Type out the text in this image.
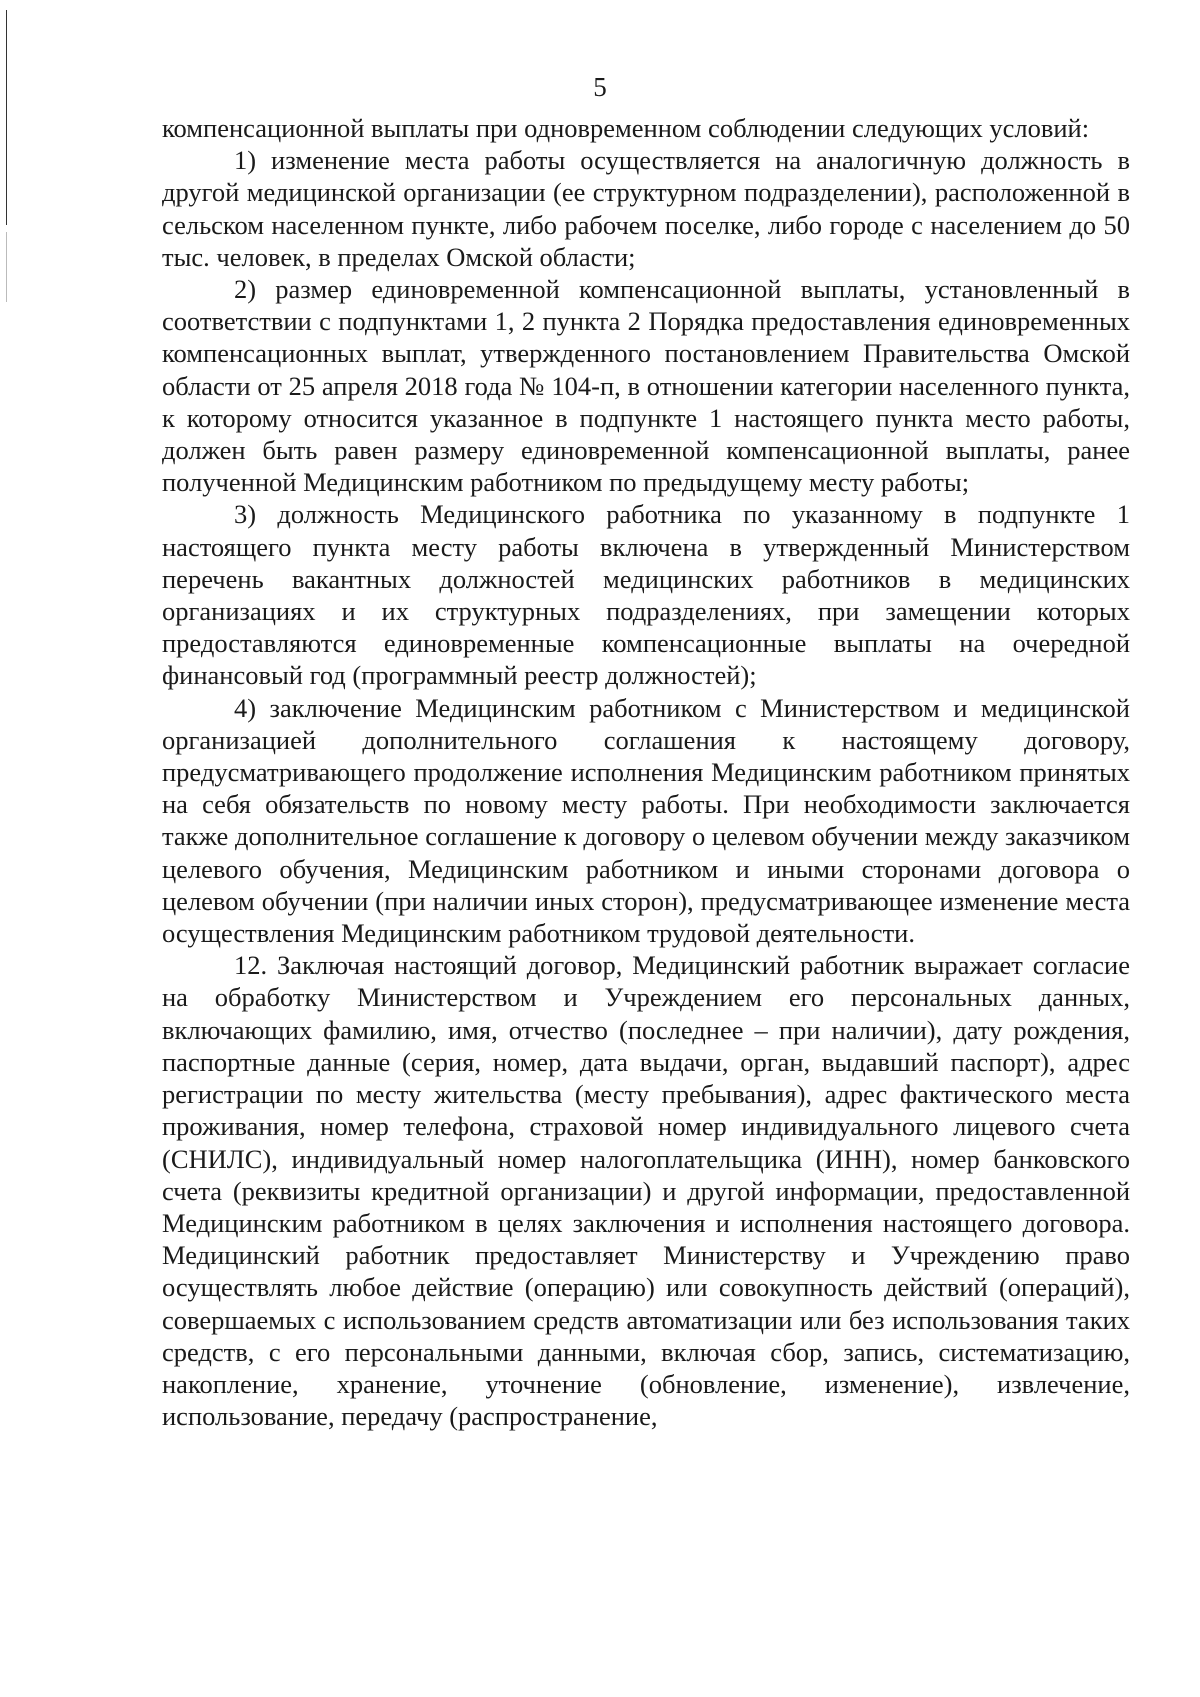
5

компенсационной выплаты при одновременном соблюдении следующих условий:

1) изменение места работы осуществляется на аналогичную должность в другой медицинской организации (ее структурном подразделении), расположенной в сельском населенном пункте, либо рабочем поселке, либо городе с населением до 50 тыс. человек, в пределах Омской области;

2) размер единовременной компенсационной выплаты, установленный в соответствии с подпунктами 1, 2 пункта 2 Порядка предоставления единовременных компенсационных выплат, утвержденного постановлением Правительства Омской области от 25 апреля 2018 года № 104-п, в отношении категории населенного пункта, к которому относится указанное в подпункте 1 настоящего пункта место работы, должен быть равен размеру единовременной компенсационной выплаты, ранее полученной Медицинским работником по предыдущему месту работы;

3) должность Медицинского работника по указанному в подпункте 1 настоящего пункта месту работы включена в утвержденный Министерством перечень вакантных должностей медицинских работников в медицинских организациях и их структурных подразделениях, при замещении которых предоставляются единовременные компенсационные выплаты на очередной финансовый год (программный реестр должностей);

4) заключение Медицинским работником с Министерством и медицинской организацией дополнительного соглашения к настоящему договору, предусматривающего продолжение исполнения Медицинским работником принятых на себя обязательств по новому месту работы. При необходимости заключается также дополнительное соглашение к договору о целевом обучении между заказчиком целевого обучения, Медицинским работником и иными сторонами договора о целевом обучении (при наличии иных сторон), предусматривающее изменение места осуществления Медицинским работником трудовой деятельности.

12. Заключая настоящий договор, Медицинский работник выражает согласие на обработку Министерством и Учреждением его персональных данных, включающих фамилию, имя, отчество (последнее – при наличии), дату рождения, паспортные данные (серия, номер, дата выдачи, орган, выдавший паспорт), адрес регистрации по месту жительства (месту пребывания), адрес фактического места проживания, номер телефона, страховой номер индивидуального лицевого счета (СНИЛС), индивидуальный номер налогоплательщика (ИНН), номер банковского счета (реквизиты кредитной организации) и другой информации, предоставленной Медицинским работником в целях заключения и исполнения настоящего договора. Медицинский работник предоставляет Министерству и Учреждению право осуществлять любое действие (операцию) или совокупность действий (операций), совершаемых с использованием средств автоматизации или без использования таких средств, с его персональными данными, включая сбор, запись, систематизацию, накопление, хранение, уточнение (обновление, изменение), извлечение, использование, передачу (распространение,
